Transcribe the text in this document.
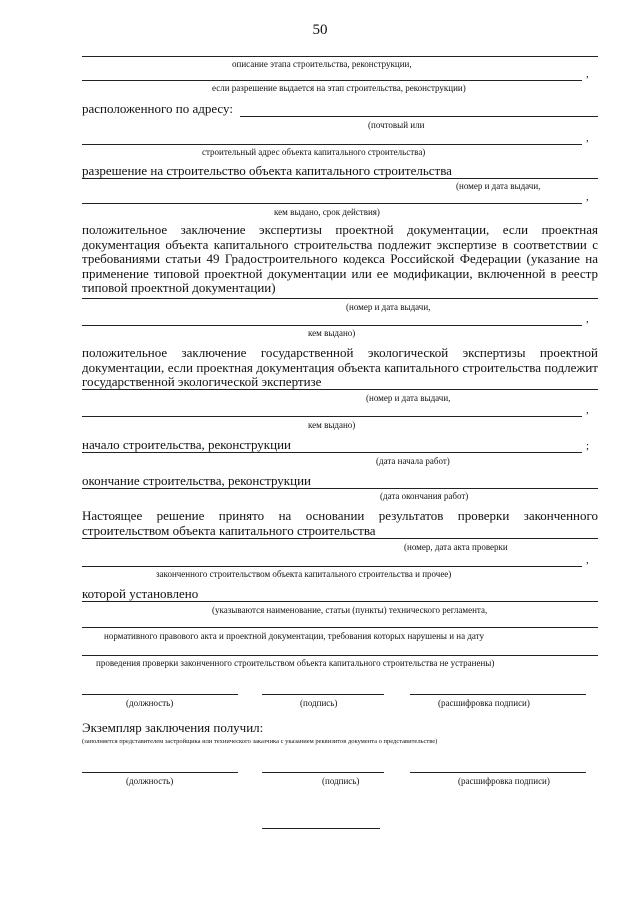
50
описание этапа строительства, реконструкции,
,
если разрешение выдается на этап строительства, реконструкции)
расположенного по адресу:
(почтовый или
,
строительный адрес объекта капитального строительства)
разрешение на строительство объекта капитального строительства
(номер и дата выдачи,
,
кем выдано, срок действия)
положительное заключение экспертизы проектной документации, если проектная документация объекта капитального строительства подлежит экспертизе в соответствии с требованиями статьи 49 Градостроительного кодекса Российской Федерации (указание на применение типовой проектной документации или ее модификации, включенной в реестр типовой проектной документации)
(номер и дата выдачи,
,
кем выдано)
положительное заключение государственной экологической экспертизы проектной документации, если проектная документация объекта капитального строительства подлежит государственной экологической экспертизе
(номер и дата выдачи,
,
кем выдано)
начало строительства, реконструкции	;
(дата начала работ)
окончание строительства, реконструкции
(дата окончания работ)
Настоящее решение принято на основании результатов проверки законченного строительством объекта капитального строительства
(номер, дата акта проверки
,
законченного строительством объекта капитального строительства и прочее)
которой установлено
(указываются наименование, статьи (пункты) технического регламента,
нормативного правового акта и проектной документации, требования которых нарушены и на дату
проведения проверки законченного строительством объекта капитального строительства не устранены)
(должность)	(подпись)	(расшифровка подписи)
Экземпляр заключения получил:
(заполняется представителем застройщика или технического заказчика с указанием реквизитов документа о представительстве)
(должность)	(подпись)	(расшифровка подписи)
